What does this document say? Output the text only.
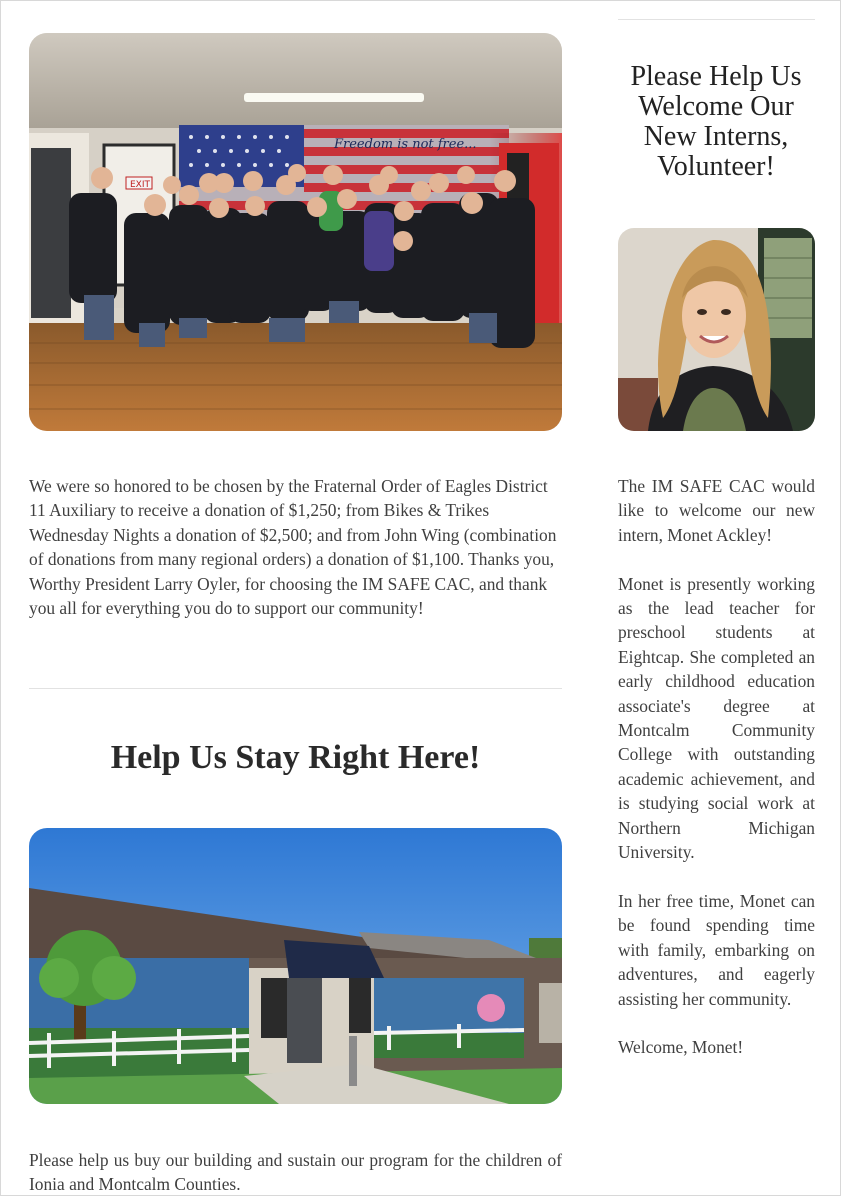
Freedom is not free...
EXIT
Please Help Us Welcome Our New Interns, Volunteer!

We were so honored to be chosen by the Fraternal Order of Eagles District 11 Auxiliary to receive a donation of $1,250; from Bikes & Trikes Wednesday Nights a donation of $2,500; and from John Wing (combination of donations from many regional orders) a donation of $1,100. Thanks you, Worthy President Larry Oyler, for choosing the IM SAFE CAC, and thank you all for everything you do to support our community!

The IM SAFE CAC would like to welcome our new intern, Monet Ackley!

Monet is presently working as the lead teacher for preschool students at Eightcap. She completed an early childhood education associate's degree at Montcalm Community College with outstanding academic achievement, and is studying social work at Northern Michigan University.

In her free time, Monet can be found spending time with family, embarking on adventures, and eagerly assisting her community.

Welcome, Monet!

Help Us Stay Right Here!

Please help us buy our building and sustain our program for the children of Ionia and Montcalm Counties.
